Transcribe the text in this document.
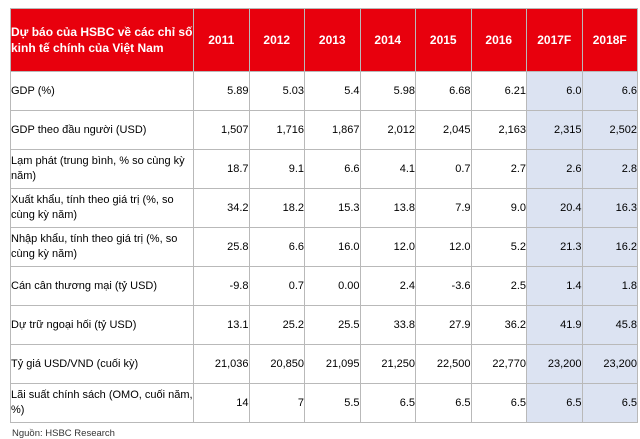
Dự báo của HSBC về các chỉ số kinh tế chính của Việt Nam	2011	2012	2013	2014	2015	2016	2017F	2018F
GDP (%)	5.89	5.03	5.4	5.98	6.68	6.21	6.0	6.6
GDP theo đầu người (USD)	1,507	1,716	1,867	2,012	2,045	2,163	2,315	2,502
Lạm phát (trung bình, % so cùng kỳ năm)	18.7	9.1	6.6	4.1	0.7	2.7	2.6	2.8
Xuất khẩu, tính theo giá trị (%, so cùng kỳ năm)	34.2	18.2	15.3	13.8	7.9	9.0	20.4	16.3
Nhập khẩu, tính theo giá trị (%, so cùng kỳ năm)	25.8	6.6	16.0	12.0	12.0	5.2	21.3	16.2
Cán cân thương mại (tỷ USD)	-9.8	0.7	0.00	2.4	-3.6	2.5	1.4	1.8
Dự trữ ngoại hối (tỷ USD)	13.1	25.2	25.5	33.8	27.9	36.2	41.9	45.8
Tỷ giá USD/VND (cuối kỳ)	21,036	20,850	21,095	21,250	22,500	22,770	23,200	23,200
Lãi suất chính sách (OMO, cuối năm, %)	14	7	5.5	6.5	6.5	6.5	6.5	6.5
Nguồn: HSBC Research
